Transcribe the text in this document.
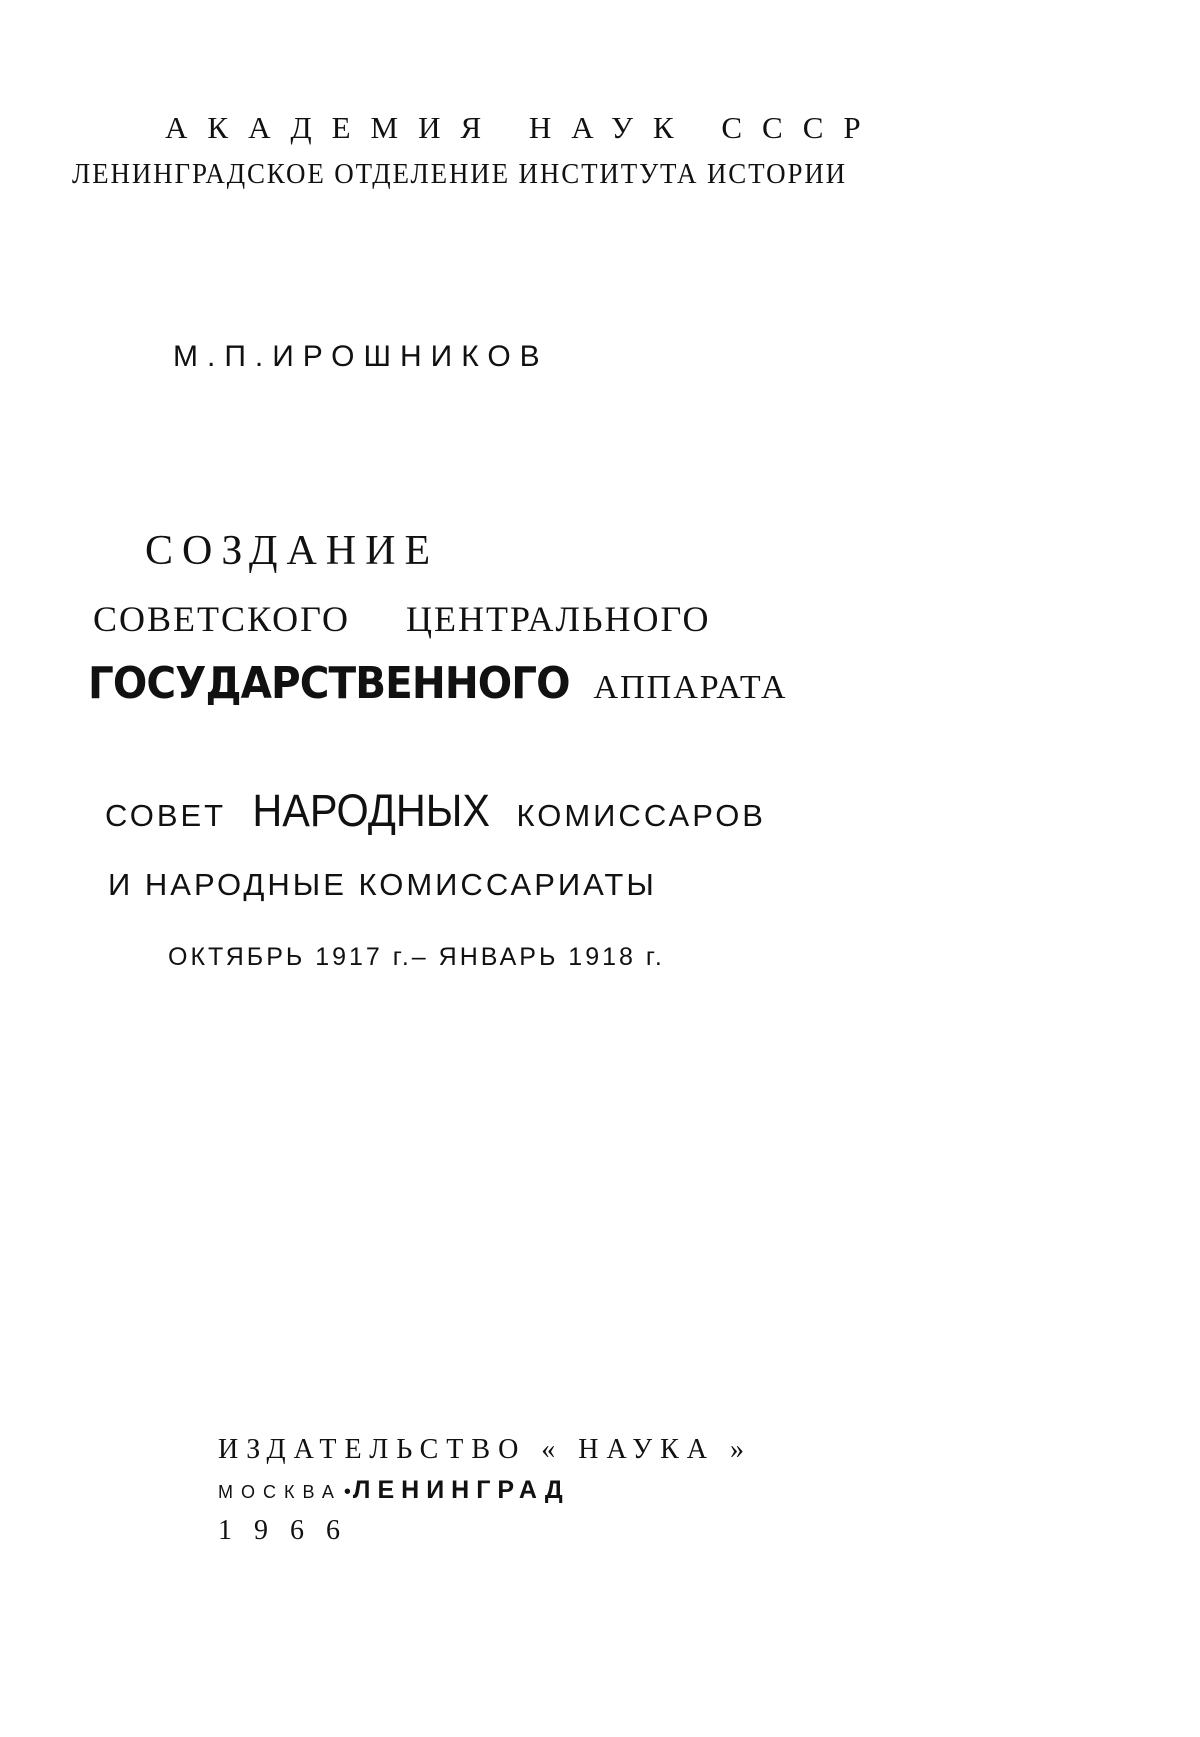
АКАДЕМИЯ НАУК СССР
ЛЕНИНГРАДСКОЕ ОТДЕЛЕНИЕ ИНСТИТУТА ИСТОРИИ
М.П.ИРОШНИКОВ
СОЗДАНИЕ
СОВЕТСКОГО ЦЕНТРАЛЬНОГО
ГОСУДАРСТВЕННОГО АППАРАТА
СОВЕТ НАРОДНЫХ КОМИССАРОВ
И НАРОДНЫЕ КОМИССАРИАТЫ
ОКТЯБРЬ 1917 г.– ЯНВАРЬ 1918 г.
ИЗДАТЕЛЬСТВО « НАУКА »
МОСКВА •ЛЕНИНГРАД
1966
